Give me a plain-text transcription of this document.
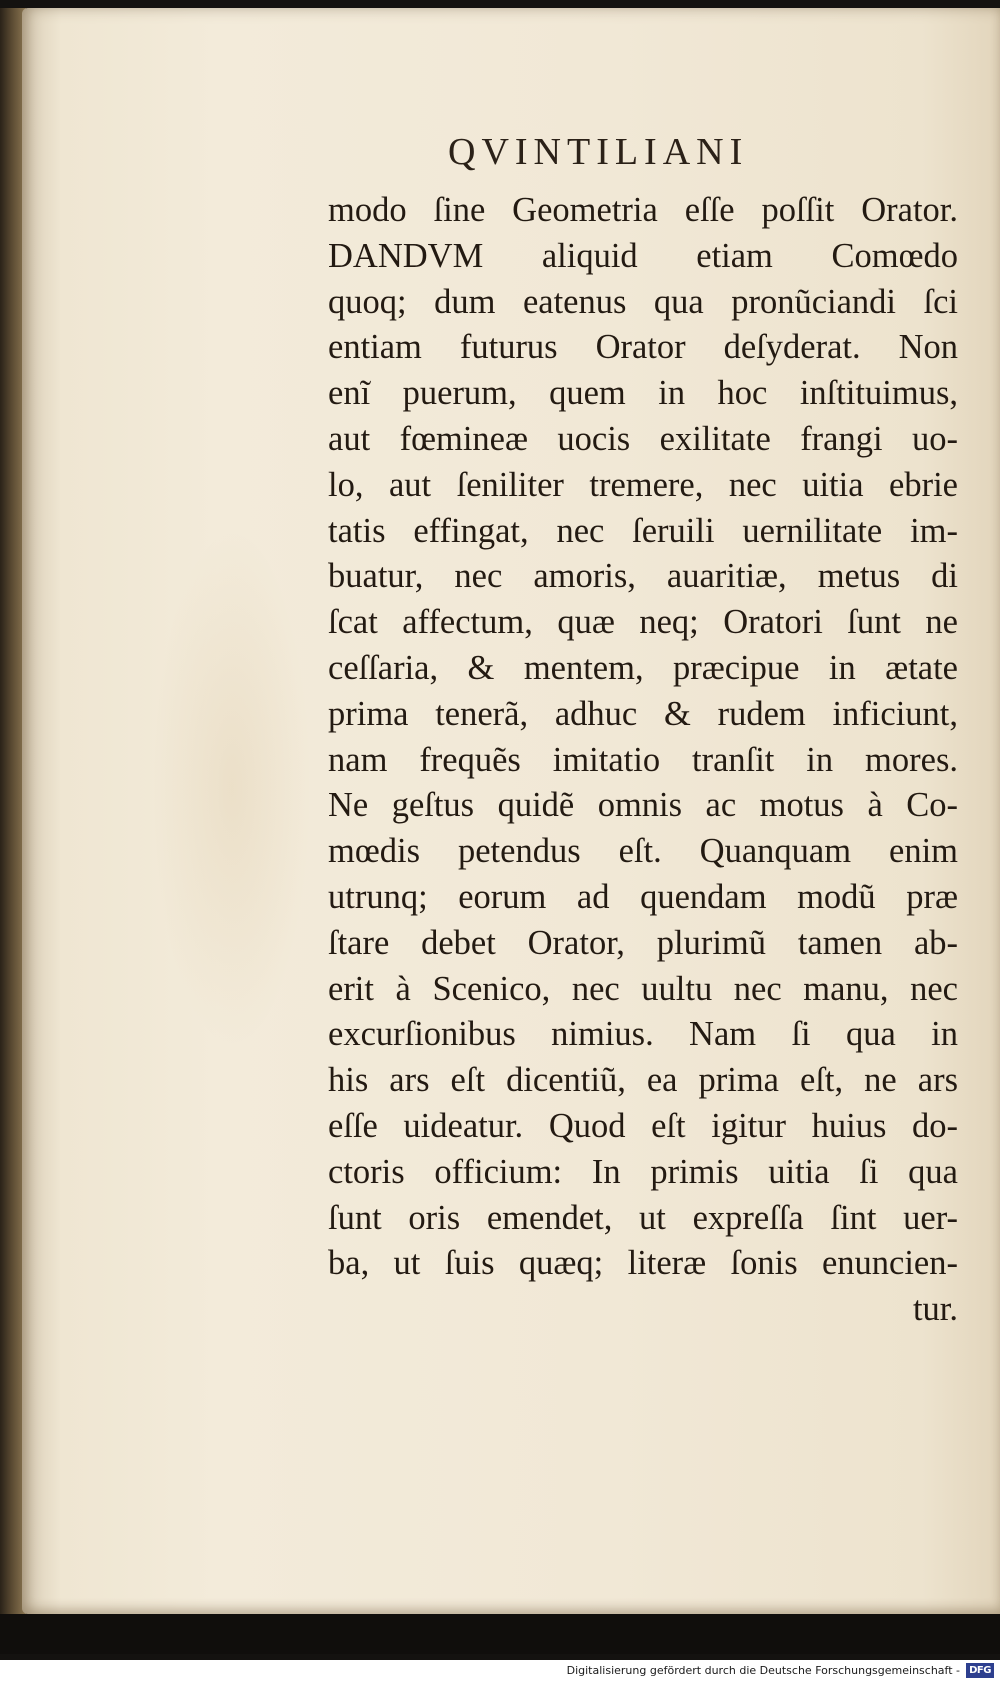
QVINTILIANI
modo ſine Geometria eſſe poſſit Orator.
DANDVM aliquid etiam Comœdo
quoq; dum eatenus qua pronũciandi ſci
entiam futurus Orator deſyderat. Non
enĩ puerum, quem in hoc inſtituimus,
aut fœmineæ uocis exilitate frangi uo-
lo, aut ſeniliter tremere, nec uitia ebrie
tatis effingat, nec ſeruili uernilitate im-
buatur, nec amoris, auaritiæ, metus di
ſcat affectum, quæ neq; Oratori ſunt ne
ceſſaria, & mentem, præcipue in ætate
prima tenerã, adhuc & rudem inficiunt,
nam frequẽs imitatio tranſit in mores.
Ne geſtus quidẽ omnis ac motus à Co-
mœdis petendus eſt. Quanquam enim
utrunq; eorum ad quendam modũ præ
ſtare debet Orator, plurimũ tamen ab-
erit à Scenico, nec uultu nec manu, nec
excurſionibus nimius. Nam ſi qua in
his ars eſt dicentiũ, ea prima eſt, ne ars
eſſe uideatur. Quod eſt igitur huius do-
ctoris officium: In primis uitia ſi qua
ſunt oris emendet, ut expreſſa ſint uer-
ba, ut ſuis quæq; literæ ſonis enuncien-
tur.
Digitalisierung gefördert durch die Deutsche Forschungsgemeinschaft - DFG
